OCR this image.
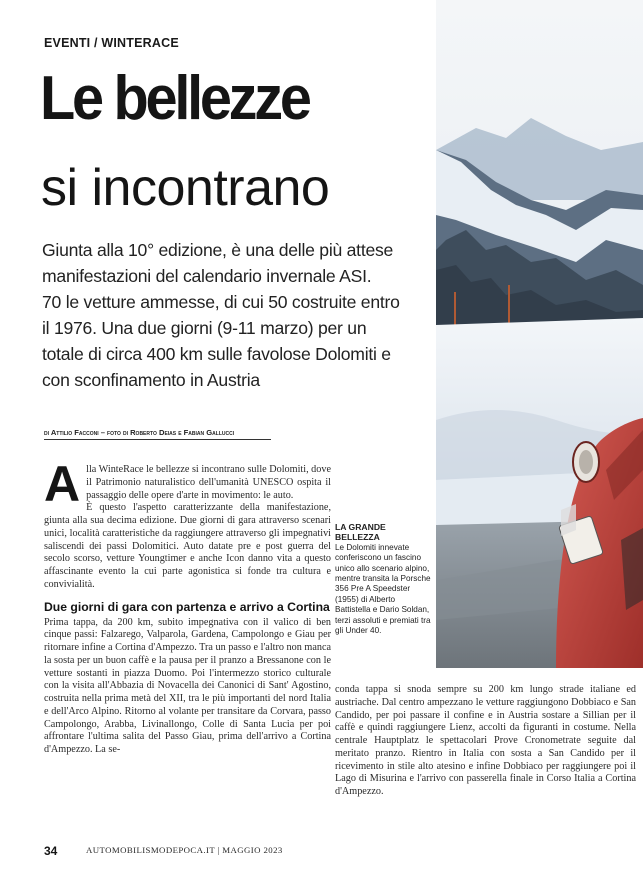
EVENTI / WINTERACE
Le bellezze
si incontrano
Giunta alla 10° edizione, è una delle più attese
manifestazioni del calendario invernale ASI.
70 le vetture ammesse, di cui 50 costruite entro
il 1976. Una due giorni (9-11 marzo) per un
totale di circa 400 km sulle favolose Dolomiti e
con sconfinamento in Austria
di Attilio Facconi – foto di Roberto Deias e Fabian Gallucci

Alla WinteRace le bellezze si incontrano sulle Dolomiti, dove il Patrimonio naturalistico dell'umanità UNESCO ospita il passaggio delle opere d'arte in movimento: le auto.

È questo l'aspetto caratterizzante della manifestazione, giunta alla sua decima edizione. Due giorni di gara attraverso scenari unici, località caratteristiche da raggiungere attraverso gli impegnativi saliscendi dei passi Dolomitici. Auto datate pre e post guerra del secolo scorso, vetture Youngtimer e anche Icon danno vita a questo affascinante evento la cui parte agonistica si fonde tra cultura e convivialità.

Due giorni di gara con partenza e arrivo a Cortina

Prima tappa, da 200 km, subito impegnativa con il valico di ben cinque passi: Falzarego, Valparola, Gardena, Campolongo e Giau per ritornare infine a Cortina d'Ampezzo. Tra un passo e l'altro non manca la sosta per un buon caffè e la pausa per il pranzo a Bressanone con le vetture sostanti in piazza Duomo. Poi l'intermezzo storico culturale con la visita all'Abbazia di Novacella dei Canonici di Sant' Agostino, costruita nella prima metà del XII, tra le più importanti del nord Italia e dell'Arco Alpino. Ritorno al volante per transitare da Corvara, passo Campolongo, Arabba, Livinallongo, Colle di Santa Lucia per poi affrontare l'ultima salita del Passo Giau, prima dell'arrivo a Cortina d'Ampezzo. La se-

conda tappa si snoda sempre su 200 km lungo strade italiane ed austriache. Dal centro ampezzano le vetture raggiungono Dobbiaco e San Candido, per poi passare il confine e in Austria sostare a Sillian per il caffè e quindi raggiungere Lienz, accolti da figuranti in costume. Nella centrale Hauptplatz le spettacolari Prove Cronometrate seguite dal meritato pranzo. Rientro in Italia con sosta a San Candido per il ricevimento in stile alto atesino e infine Dobbiaco per raggiungere poi il Lago di Misurina e l'arrivo con passerella finale in Corso Italia a Cortina d'Ampezzo.

LA GRANDE BELLEZZA
Le Dolomiti innevate conferiscono un fascino unico allo scenario alpino, mentre transita la Porsche 356 Pre A Speedster (1955) di Alberto Battistella e Dario Soldan, terzi assoluti e premiati tra gli Under 40.
34	AUTOMOBILISMODEPOCA.IT | MAGGIO 2023
